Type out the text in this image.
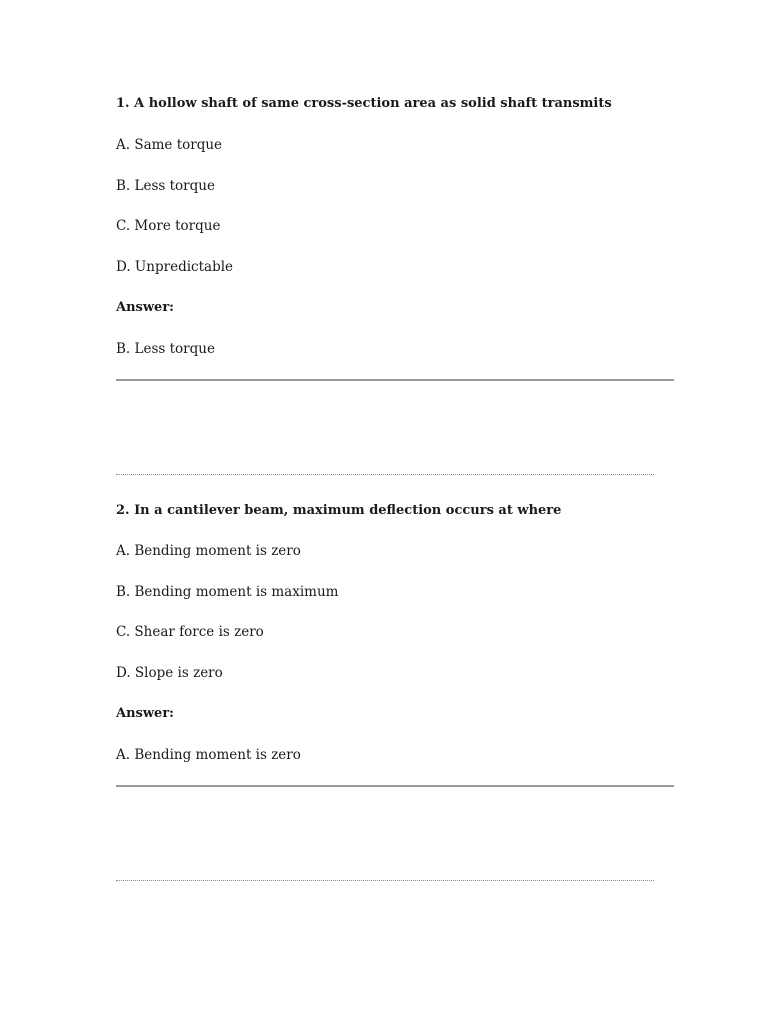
1. A hollow shaft of same cross-section area as solid shaft transmits
A. Same torque
B. Less torque
C. More torque
D. Unpredictable
Answer:
B. Less torque
2. In a cantilever beam, maximum deflection occurs at where
A. Bending moment is zero
B. Bending moment is maximum
C. Shear force is zero
D. Slope is zero
Answer:
A. Bending moment is zero
